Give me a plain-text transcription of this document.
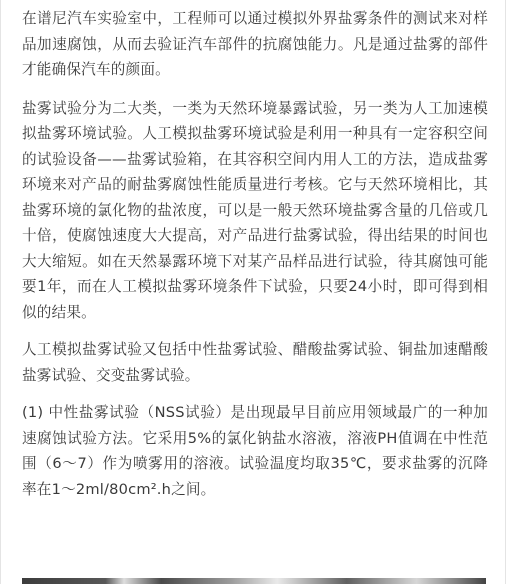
在谱尼汽车实验室中，工程师可以通过模拟外界盐雾条件的测试来对样品加速腐蚀，从而去验证汽车部件的抗腐蚀能力。凡是通过盐雾的部件才能确保汽车的颜面。

盐雾试验分为二大类，一类为天然环境暴露试验，另一类为人工加速模拟盐雾环境试验。人工模拟盐雾环境试验是利用一种具有一定容积空间的试验设备——盐雾试验箱，在其容积空间内用人工的方法，造成盐雾环境来对产品的耐盐雾腐蚀性能质量进行考核。它与天然环境相比，其盐雾环境的氯化物的盐浓度，可以是一般天然环境盐雾含量的几倍或几十倍，使腐蚀速度大大提高，对产品进行盐雾试验，得出结果的时间也大大缩短。如在天然暴露环境下对某产品样品进行试验，待其腐蚀可能要1年，而在人工模拟盐雾环境条件下试验，只要24小时，即可得到相似的结果。

人工模拟盐雾试验又包括中性盐雾试验、醋酸盐雾试验、铜盐加速醋酸盐雾试验、交变盐雾试验。

(1) 中性盐雾试验（NSS试验）是出现最早目前应用领域最广的一种加速腐蚀试验方法。它采用5%的氯化钠盐水溶液，溶液PH值调在中性范围（6～7）作为喷雾用的溶液。试验温度均取35℃，要求盐雾的沉降率在1～2ml/80cm².h之间。
